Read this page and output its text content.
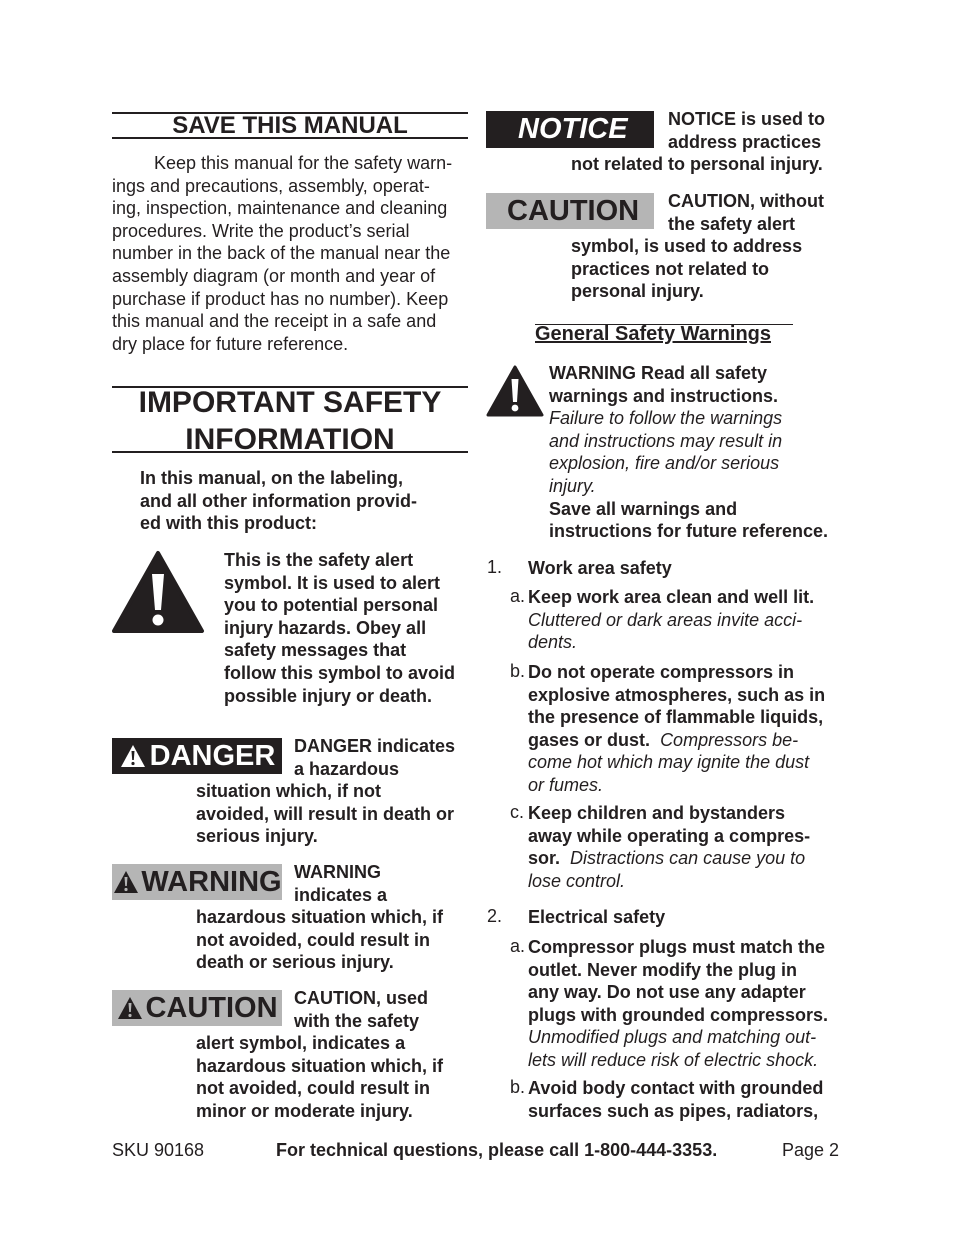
SAVE THIS MANUAL

Keep this manual for the safety warn-

ings and precautions, assembly, operat-

ing, inspection, maintenance and cleaning

procedures. Write the product’s serial

number in the back of the manual near the

assembly diagram (or month and year of

purchase if product has no number). Keep

this manual and the receipt in a safe and

dry place for future reference.

IMPORTANT SAFETY
INFORMATION
In this manual, on the labeling,
and all other information provid-
ed with this product:
This is the safety alert
symbol. It is used to alert
you to potential personal
injury hazards. Obey all
safety messages that
follow this symbol to avoid
possible injury or death.
DANGER DANGER indicates
a hazardous
situation which, if not
avoided, will result in death or
serious injury.
WARNING WARNING
indicates a
hazardous situation which, if
not avoided, could result in
death or serious injury.
CAUTION CAUTION, used
with the safety
alert symbol, indicates a
hazardous situation which, if
not avoided, could result in
minor or moderate injury.
NOTICE	NOTICE is used to
address practices
not related to personal injury.
CAUTION	CAUTION, without
the safety alert
symbol, is used to address
practices not related to
personal injury.
General Safety Warnings
WARNING Read all safety
warnings and instructions.
Failure to follow the warnings
and instructions may result in
explosion, fire and/or serious
injury.
Save all warnings and
instructions for future reference.
1. Work area safety
a. Keep work area clean and well lit.
Cluttered or dark areas invite acci-
dents.
b. Do not operate compressors in
explosive atmospheres, such as in
the presence of flammable liquids,
gases or dust. Compressors be-
come hot which may ignite the dust
or fumes.
c. Keep children and bystanders
away while operating a compres-
sor. Distractions can cause you to
lose control.
2. Electrical safety
a. Compressor plugs must match the
outlet. Never modify the plug in
any way. Do not use any adapter
plugs with grounded compressors.
Unmodified plugs and matching out-
lets will reduce risk of electric shock.
b. Avoid body contact with grounded
surfaces such as pipes, radiators,
SKU 90168	For technical questions, please call 1-800-444-3353.	Page 2
